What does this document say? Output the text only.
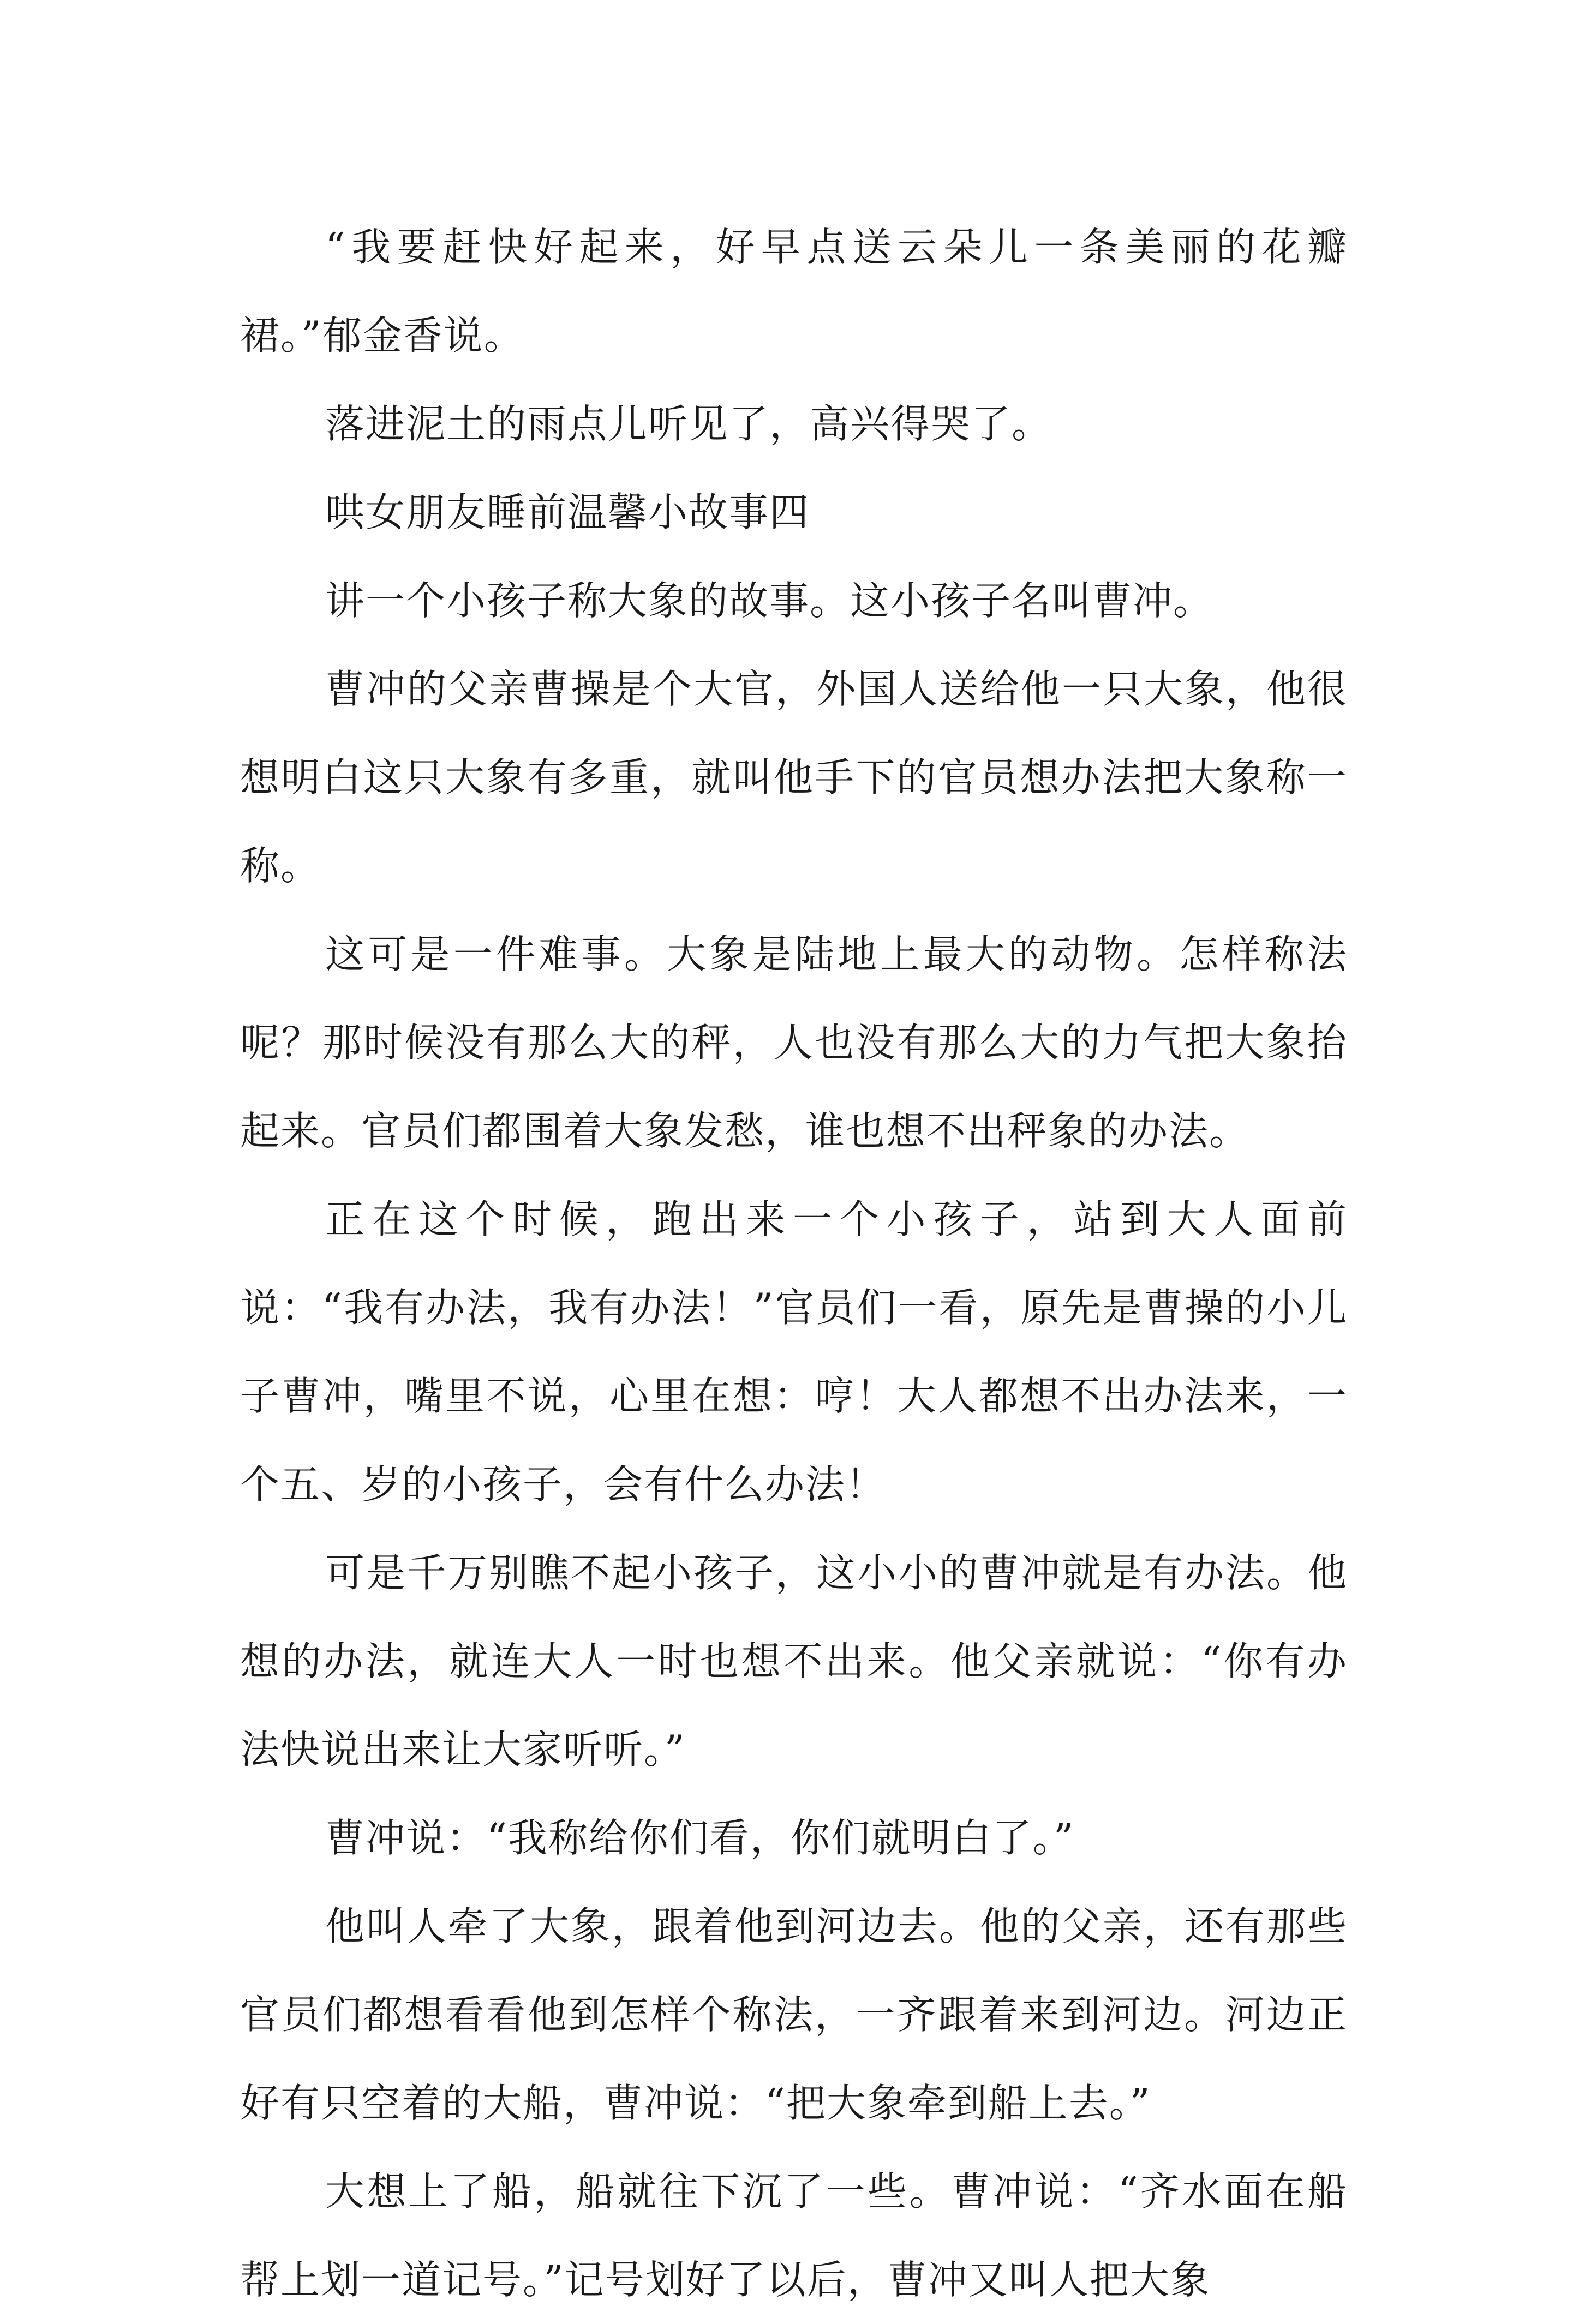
“我要赶快好起来，好早点送云朵儿一条美丽的花瓣裙。”郁金香说。

落进泥土的雨点儿听见了，高兴得哭了。

哄女朋友睡前温馨小故事四

讲一个小孩子称大象的故事。这小孩子名叫曹冲。

曹冲的父亲曹操是个大官，外国人送给他一只大象，他很想明白这只大象有多重，就叫他手下的官员想办法把大象称一称。

这可是一件难事。大象是陆地上最大的动物。怎样称法呢？那时候没有那么大的秤，人也没有那么大的力气把大象抬起来。官员们都围着大象发愁，谁也想不出秤象的办法。

正在这个时候，跑出来一个小孩子，站到大人面前说：“我有办法，我有办法！”官员们一看，原先是曹操的小儿子曹冲，嘴里不说，心里在想：哼！大人都想不出办法来，一个五、岁的小孩子，会有什么办法！

可是千万别瞧不起小孩子，这小小的曹冲就是有办法。他想的办法，就连大人一时也想不出来。他父亲就说：“你有办法快说出来让大家听听。”

曹冲说：“我称给你们看，你们就明白了。”

他叫人牵了大象，跟着他到河边去。他的父亲，还有那些官员们都想看看他到怎样个称法，一齐跟着来到河边。河边正好有只空着的大船，曹冲说：“把大象牵到船上去。”

大想上了船，船就往下沉了一些。曹冲说：“齐水面在船帮上划一道记号。”记号划好了以后，曹冲又叫人把大象
